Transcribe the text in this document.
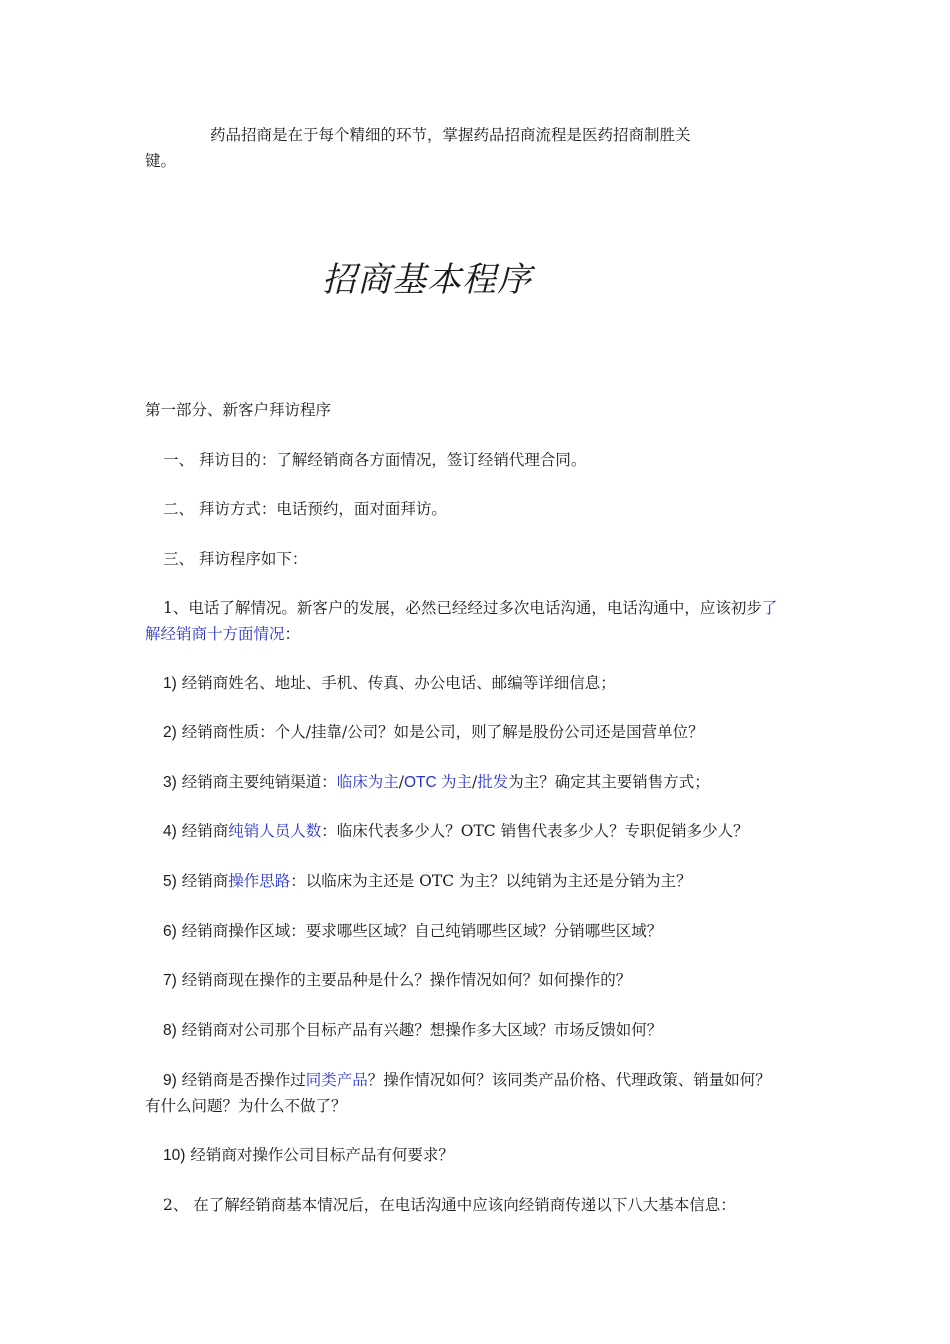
药品招商是在于每个精细的环节，掌握药品招商流程是医药招商制胜关
键。
招商基本程序
第一部分、新客户拜访程序
一、 拜访目的：了解经销商各方面情况，签订经销代理合同。
二、 拜访方式：电话预约，面对面拜访。
三、 拜访程序如下：
1、电话了解情况。新客户的发展，必然已经经过多次电话沟通，电话沟通中，应该初步了
解经销商十方面情况：
1) 经销商姓名、地址、手机、传真、办公电话、邮编等详细信息；
2) 经销商性质：个人/挂靠/公司？如是公司，则了解是股份公司还是国营单位？
3) 经销商主要纯销渠道：临床为主/OTC 为主/批发为主？确定其主要销售方式；
4) 经销商纯销人员人数：临床代表多少人？OTC 销售代表多少人？专职促销多少人？
5) 经销商操作思路：以临床为主还是 OTC 为主？以纯销为主还是分销为主？
6) 经销商操作区域：要求哪些区域？自己纯销哪些区域？分销哪些区域？
7) 经销商现在操作的主要品种是什么？操作情况如何？如何操作的？
8) 经销商对公司那个目标产品有兴趣？想操作多大区域？市场反馈如何？
9) 经销商是否操作过同类产品？操作情况如何？该同类产品价格、代理政策、销量如何？
有什么问题？为什么不做了？
10) 经销商对操作公司目标产品有何要求？
2、 在了解经销商基本情况后，在电话沟通中应该向经销商传递以下八大基本信息：
